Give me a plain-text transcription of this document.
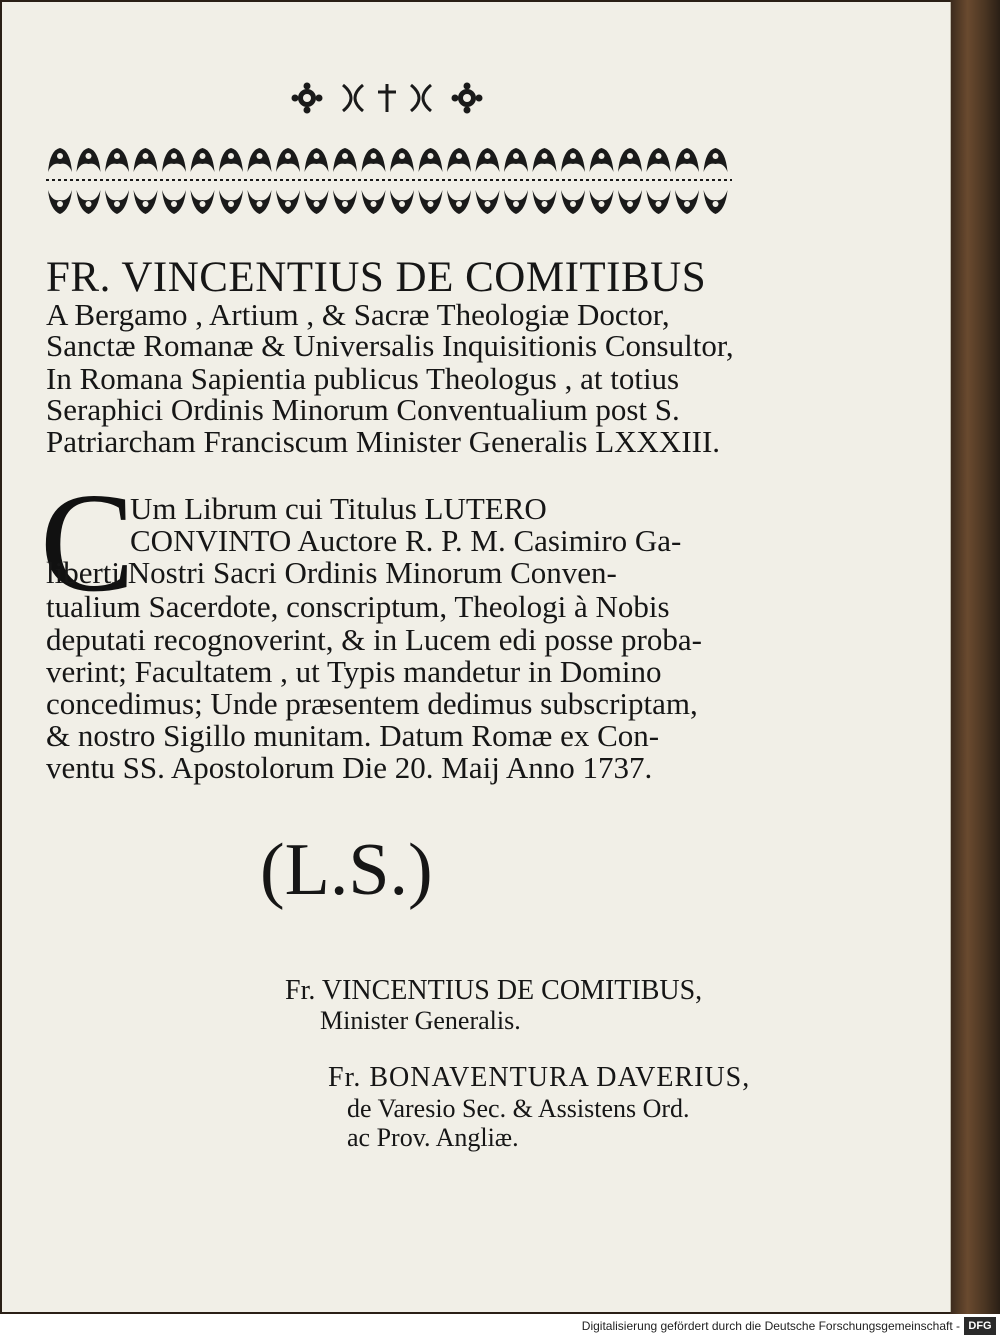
FR. VINCENTIUS DE COMITIBUS
A Bergamo , Artium , & Sacræ Theologiæ Doctor,
Sanctæ Romanæ & Universalis Inquisitionis Consultor,
In Romana Sapientia publicus Theologus , at totius
Seraphici Ordinis Minorum Conventualium post S.
Patriarcham Franciscum Minister Generalis LXXXIII.
C
Um Librum cui Titulus LUTERO
CONVINTO Auctore R. P. M. Casimiro Ga-
liberti Nostri Sacri Ordinis Minorum Conven-
tualium Sacerdote, conscriptum, Theologi à Nobis
deputati recognoverint, & in Lucem edi posse proba-
verint; Facultatem , ut Typis mandetur in Domino
concedimus; Unde præsentem dedimus subscriptam,
& nostro Sigillo munitam. Datum Romæ ex Con-
ventu SS. Apostolorum Die 20. Maij Anno 1737.
(L.S.)
Fr. VINCENTIUS DE COMITIBUS,
Minister Generalis.
Fr. BONAVENTURA DAVERIUS,
de Varesio Sec. & Assistens Ord.
ac Prov. Angliæ.
Digitalisierung gefördert durch die Deutsche Forschungsgemeinschaft - DFG
